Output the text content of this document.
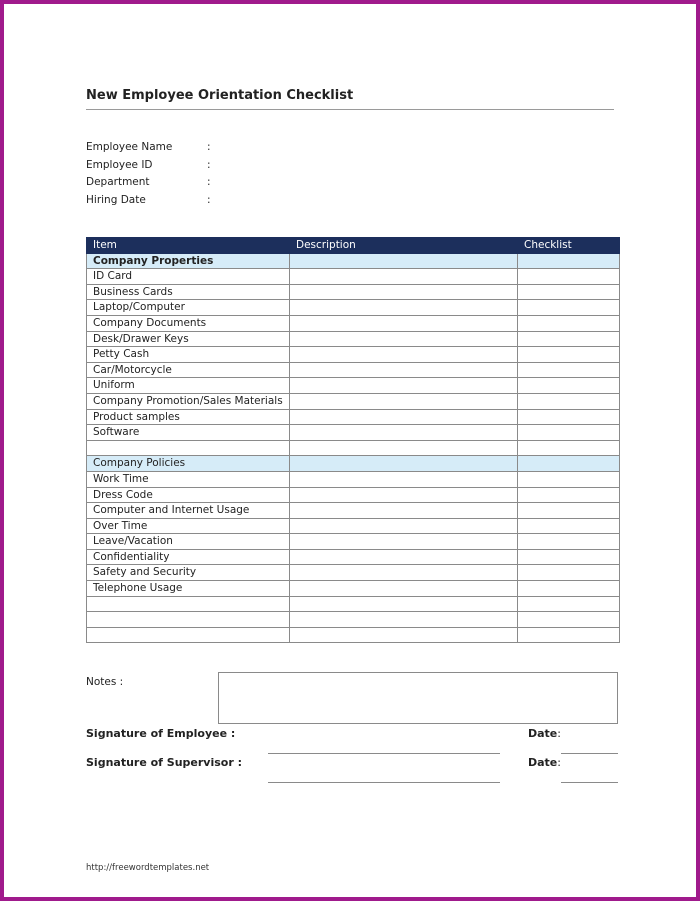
New Employee Orientation Checklist
Employee Name	:
Employee ID	:
Department	:
Hiring Date	:
Item	Description	Checklist
Company Properties		
ID Card		
Business Cards		
Laptop/Computer		
Company Documents		
Desk/Drawer Keys		
Petty Cash		
Car/Motorcycle		
Uniform		
Company Promotion/Sales Materials		
Product samples		
Software		

Company Policies		
Work Time		
Dress Code		
Computer and Internet Usage		
Over Time		
Leave/Vacation		
Confidentiality		
Safety and Security		
Telephone Usage		

Notes :
Signature of Employee :	Date:
Signature of Supervisor :	Date:
http://freewordtemplates.net
